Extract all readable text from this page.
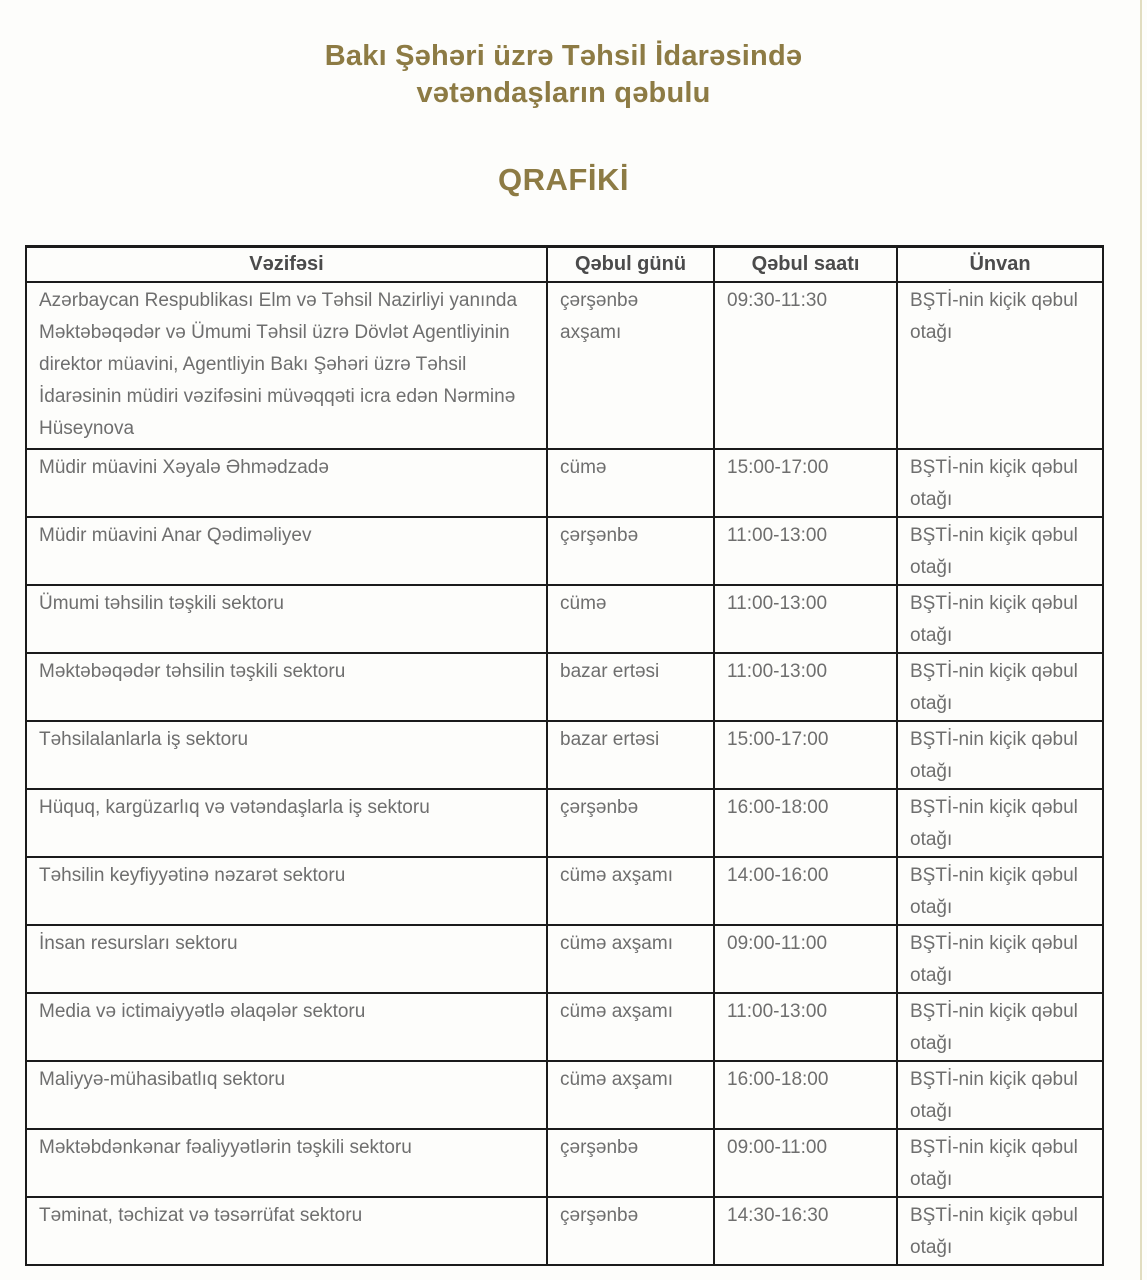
Bakı Şəhəri üzrə Təhsil İdarəsində
vətəndaşların qəbulu
QRAFİKİ
Vəzifəsi	Qəbul günü	Qəbul saatı	Ünvan
Azərbaycan Respublikası Elm və Təhsil Nazirliyi yanında Məktəbəqədər və Ümumi Təhsil üzrə Dövlət Agentliyinin direktor müavini, Agentliyin Bakı Şəhəri üzrə Təhsil İdarəsinin müdiri vəzifəsini müvəqqəti icra edən Nərminə Hüseynova	çərşənbə axşamı	09:30-11:30	BŞTİ-nin kiçik qəbul otağı
Müdir müavini Xəyalə Əhmədzadə	cümə	15:00-17:00	BŞTİ-nin kiçik qəbul otağı
Müdir müavini Anar Qədiməliyev	çərşənbə	11:00-13:00	BŞTİ-nin kiçik qəbul otağı
Ümumi təhsilin təşkili sektoru	cümə	11:00-13:00	BŞTİ-nin kiçik qəbul otağı
Məktəbəqədər təhsilin təşkili sektoru	bazar ertəsi	11:00-13:00	BŞTİ-nin kiçik qəbul otağı
Təhsilalanlarla iş sektoru	bazar ertəsi	15:00-17:00	BŞTİ-nin kiçik qəbul otağı
Hüquq, kargüzarlıq və vətəndaşlarla iş sektoru	çərşənbə	16:00-18:00	BŞTİ-nin kiçik qəbul otağı
Təhsilin keyfiyyətinə nəzarət sektoru	cümə axşamı	14:00-16:00	BŞTİ-nin kiçik qəbul otağı
İnsan resursları sektoru	cümə axşamı	09:00-11:00	BŞTİ-nin kiçik qəbul otağı
Media və ictimaiyyətlə əlaqələr sektoru	cümə axşamı	11:00-13:00	BŞTİ-nin kiçik qəbul otağı
Maliyyə-mühasibatlıq sektoru	cümə axşamı	16:00-18:00	BŞTİ-nin kiçik qəbul otağı
Məktəbdənkənar fəaliyyətlərin təşkili sektoru	çərşənbə	09:00-11:00	BŞTİ-nin kiçik qəbul otağı
Təminat, təchizat və təsərrüfat sektoru	çərşənbə	14:30-16:30	BŞTİ-nin kiçik qəbul otağı
